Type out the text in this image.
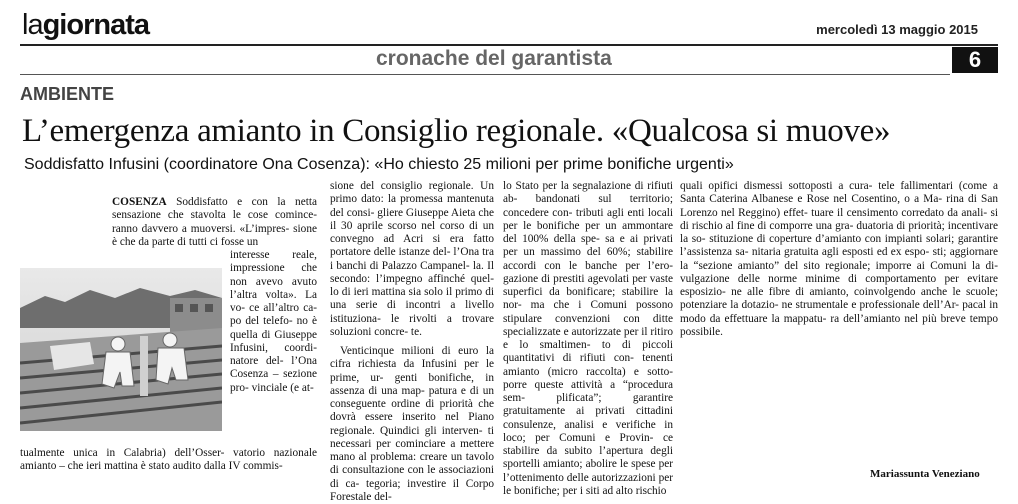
lagiornata	mercoledì 13 maggio 2015
cronache del garantista	6
AMBIENTE
L’emergenza amianto in Consiglio regionale. «Qualcosa si muove»
Soddisfatto Infusini (coordinatore Ona Cosenza): «Ho chiesto 25 milioni per prime bonifiche urgenti»
COSENZA Soddisfatto e con la netta sensazione che stavolta le cose comince- ranno davvero a muoversi. «L’impres- sione è che da parte di tutti ci fosse un
interesse reale, impressione che non avevo avuto l’altra volta». La vo- ce all’altro ca- po del telefo- no è quella di Giuseppe Infusini, coordi- natore del- l’Ona Cosenza – sezione pro- vinciale (e at-
tualmente unica in Calabria) dell’Osser- vatorio nazionale amianto – che ieri mattina è stato audito dalla IV commis-

sione del consiglio regionale. Un primo dato: la promessa mantenuta del consi- gliere Giuseppe Aieta che il 30 aprile scorso nel corso di un convegno ad Acri si era fatto portatore delle istanze del- l’Ona tra i banchi di Palazzo Campanel- la. Il secondo: l’impegno affinché quel- lo di ieri mattina sia solo il primo di una serie di incontri a livello istituziona- le rivolti a trovare soluzioni concre- te.

Venticinque milioni di euro la cifra richiesta da Infusini per le prime, ur- genti bonifiche, in assenza di una map- patura e di un conseguente ordine di priorità che dovrà essere inserito nel Piano regionale. Quindici gli interven- ti necessari per cominciare a mettere mano al problema: creare un tavolo di consultazione con le associazioni di ca- tegoria; investire il Corpo Forestale del-

lo Stato per la segnalazione di rifiuti ab- bandonati sul territorio; concedere con- tributi agli enti locali per le bonifiche per un ammontare del 100% della spe- sa e ai privati per un massimo del 60%; stabilire accordi con le banche per l’ero- gazione di prestiti agevolati per vaste superfici da bonificare; stabilire la nor- ma che i Comuni possono stipulare convenzioni con ditte specializzate e autorizzate per il ritiro e lo smaltimen- to di piccoli quantitativi di rifiuti con- tenenti amianto (micro raccolta) e sotto- porre queste attività a “procedura sem- plificata”; garantire gratuitamente ai privati cittadini consulenze, analisi e verifiche in loco; per Comuni e Provin- ce stabilire da subito l’apertura degli sportelli amianto; abolire le spese per l’ottenimento delle autorizzazioni per le bonifiche; per i siti ad alto rischio
quali opifici dismessi sottoposti a cura- tele fallimentari (come a Santa Caterina Albanese e Rose nel Cosentino, o a Ma- rina di San Lorenzo nel Reggino) effet- tuare il censimento corredato da anali- si di rischio al fine di comporre una gra- duatoria di priorità; incentivare la so- stituzione di coperture d’amianto con impianti solari; garantire l’assistenza sa- nitaria gratuita agli esposti ed ex espo- sti; aggiornare la “sezione amianto” del sito regionale; imporre ai Comuni la di- vulgazione delle norme minime di comportamento per evitare esposizio- ne alle fibre di amianto, coinvolgendo anche le scuole; potenziare la dotazio- ne strumentale e professionale dell’Ar- pacal in modo da effettuare la mappatu- ra dell’amianto nel più breve tempo possibile.
Mariassunta Veneziano
